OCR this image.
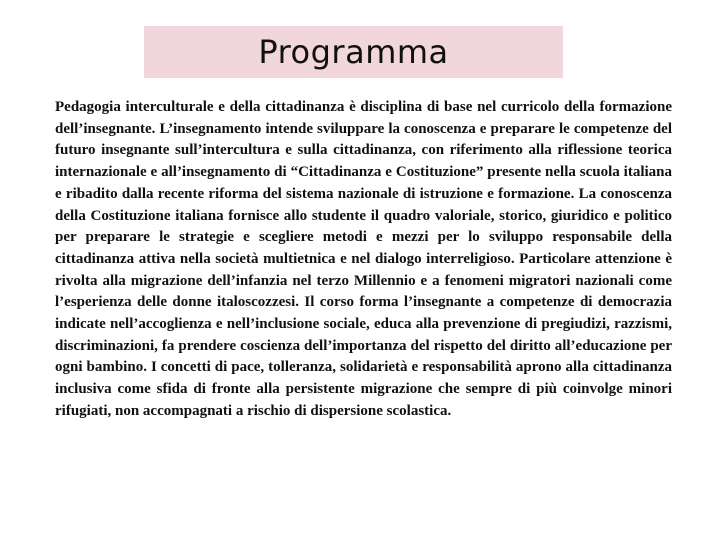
Programma

Pedagogia interculturale e della cittadinanza è disciplina di base nel curricolo della formazione dell’insegnante. L’insegnamento intende sviluppare la conoscenza e preparare le competenze del futuro insegnante sull’intercultura e sulla cittadinanza, con riferimento alla riflessione teorica internazionale e all’insegnamento di “Cittadinanza e Costituzione” presente nella scuola italiana e ribadito dalla recente riforma del sistema nazionale di istruzione e formazione. La conoscenza della Costituzione italiana fornisce allo studente il quadro valoriale, storico, giuridico e politico per preparare le strategie e scegliere metodi e mezzi per lo sviluppo responsabile della cittadinanza attiva nella società multietnica e nel dialogo interreligioso. Particolare attenzione è rivolta alla migrazione dell’infanzia nel terzo Millennio e a fenomeni migratori nazionali come l’esperienza delle donne italoscozzesi. Il corso forma l’insegnante a competenze di democrazia indicate nell’accoglienza e nell’inclusione sociale, educa alla prevenzione di pregiudizi, razzismi, discriminazioni, fa prendere coscienza dell’importanza del rispetto del diritto all’educazione per ogni bambino. I concetti di pace, tolleranza, solidarietà e responsabilità aprono alla cittadinanza inclusiva come sfida di fronte alla persistente migrazione che sempre di più coinvolge minori rifugiati, non accompagnati a rischio di dispersione scolastica.
